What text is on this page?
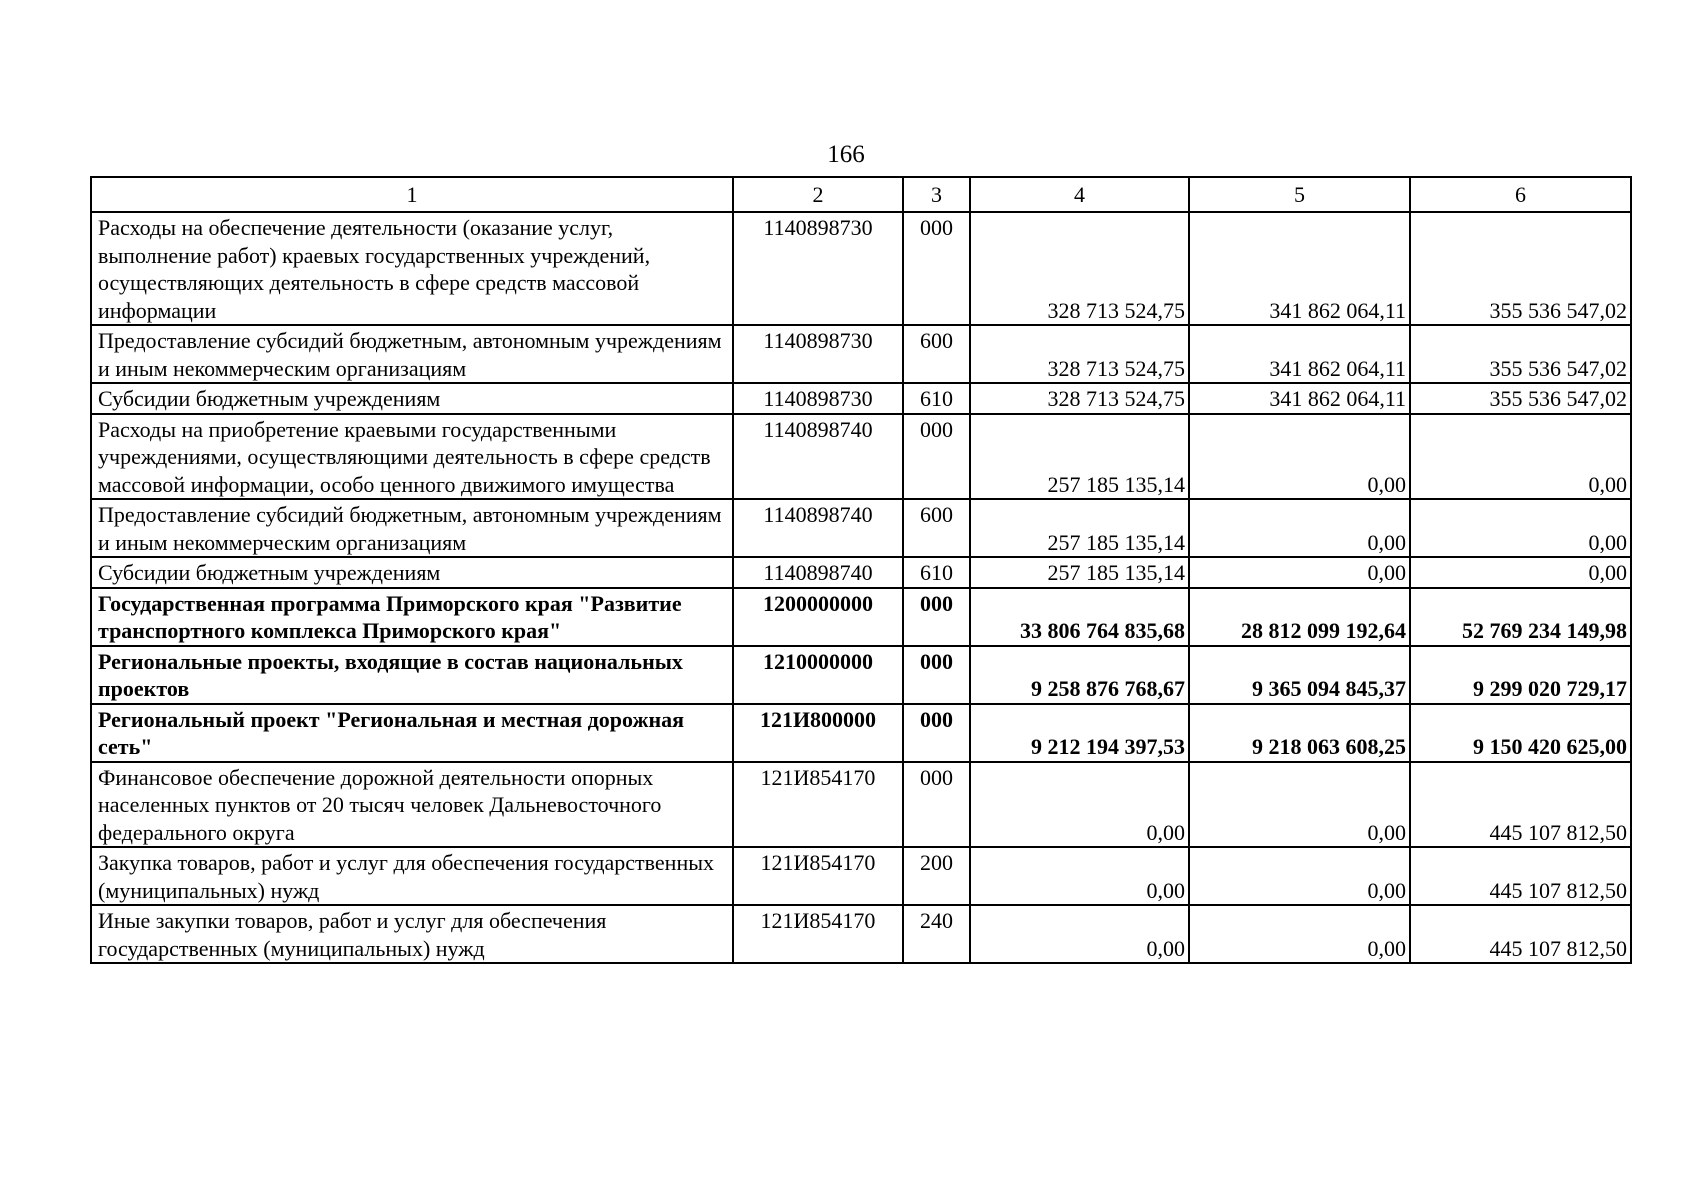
166
1	2	3	4	5	6
Расходы на обеспечение деятельности (оказание услуг, выполнение работ) краевых государственных учреждений, осуществляющих деятельность в сфере средств массовой информации	1140898730	000	328 713 524,75	341 862 064,11	355 536 547,02
Предоставление субсидий бюджетным, автономным учреждениям и иным некоммерческим организациям	1140898730	600	328 713 524,75	341 862 064,11	355 536 547,02
Субсидии бюджетным учреждениям	1140898730	610	328 713 524,75	341 862 064,11	355 536 547,02
Расходы на приобретение краевыми государственными учреждениями, осуществляющими деятельность в сфере средств массовой информации, особо ценного движимого имущества	1140898740	000	257 185 135,14	0,00	0,00
Предоставление субсидий бюджетным, автономным учреждениям и иным некоммерческим организациям	1140898740	600	257 185 135,14	0,00	0,00
Субсидии бюджетным учреждениям	1140898740	610	257 185 135,14	0,00	0,00
Государственная программа Приморского края "Развитие транспортного комплекса Приморского края"	1200000000	000	33 806 764 835,68	28 812 099 192,64	52 769 234 149,98
Региональные проекты, входящие в состав национальных проектов	1210000000	000	9 258 876 768,67	9 365 094 845,37	9 299 020 729,17
Региональный проект "Региональная и местная дорожная сеть"	121И800000	000	9 212 194 397,53	9 218 063 608,25	9 150 420 625,00
Финансовое обеспечение дорожной деятельности опорных населенных пунктов от 20 тысяч человек Дальневосточного федерального округа	121И854170	000	0,00	0,00	445 107 812,50
Закупка товаров, работ и услуг для обеспечения государственных (муниципальных) нужд	121И854170	200	0,00	0,00	445 107 812,50
Иные закупки товаров, работ и услуг для обеспечения государственных (муниципальных) нужд	121И854170	240	0,00	0,00	445 107 812,50
